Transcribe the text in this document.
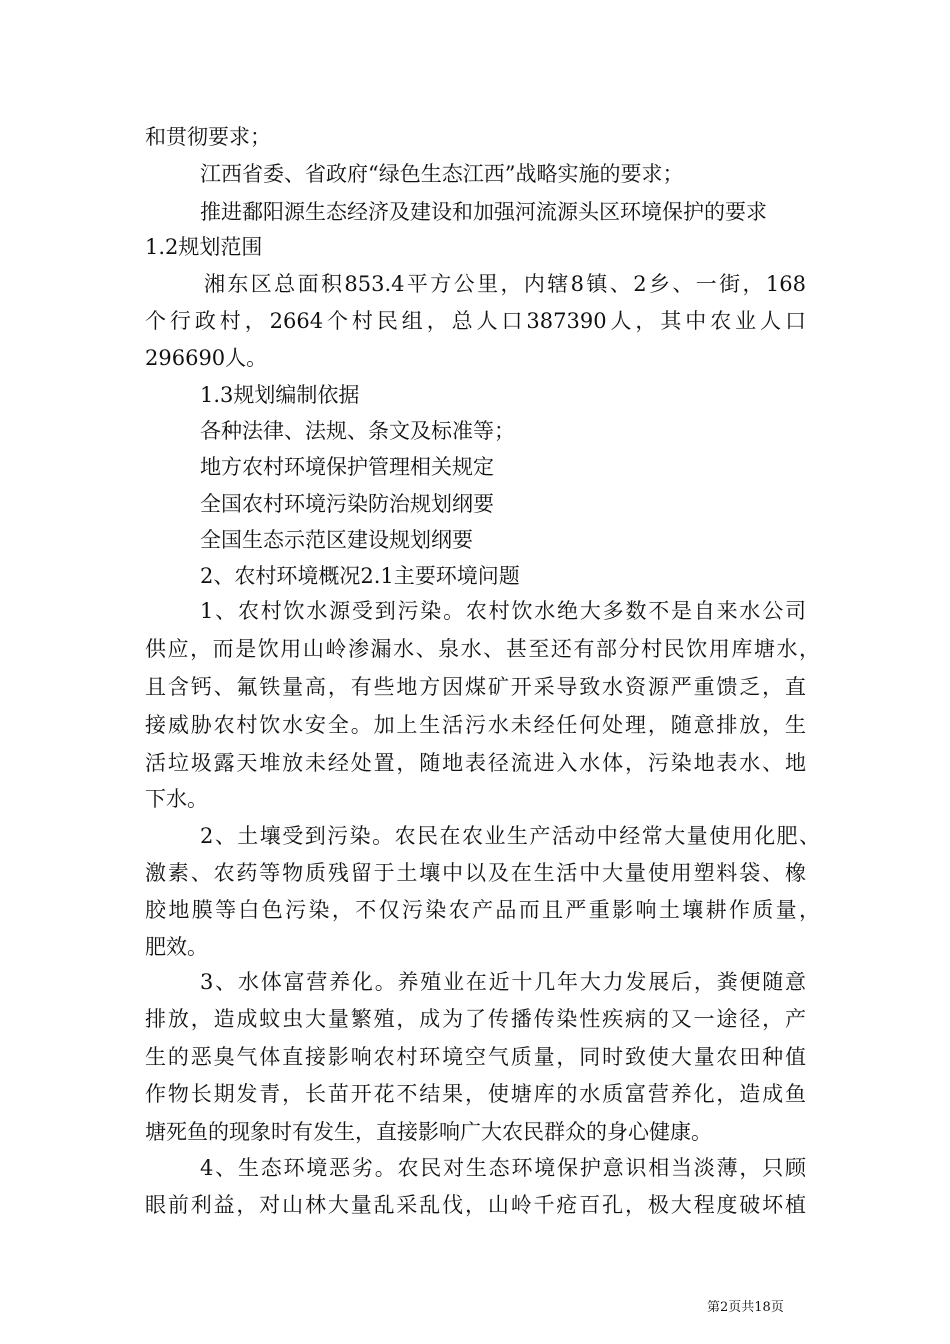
和贯彻要求；
江西省委、省政府“绿色生态江西”战略实施的要求；
推进鄱阳源生态经济及建设和加强河流源头区环境保护的要求
1.2规划范围
湘东区总面积853.4平方公里，内辖8镇、2乡、一街，168
个行政村，2664个村民组，总人口387390人，其中农业人口
296690人。
1.3规划编制依据
各种法律、法规、条文及标准等；
地方农村环境保护管理相关规定
全国农村环境污染防治规划纲要
全国生态示范区建设规划纲要
2、农村环境概况2.1主要环境问题
1、农村饮水源受到污染。农村饮水绝大多数不是自来水公司
供应，而是饮用山岭渗漏水、泉水、甚至还有部分村民饮用库塘水，
且含钙、氟铁量高，有些地方因煤矿开采导致水资源严重馈乏，直
接威胁农村饮水安全。加上生活污水未经任何处理，随意排放，生
活垃圾露天堆放未经处置，随地表径流进入水体，污染地表水、地
下水。
2、土壤受到污染。农民在农业生产活动中经常大量使用化肥、
激素、农药等物质残留于土壤中以及在生活中大量使用塑料袋、橡
胶地膜等白色污染，不仅污染农产品而且严重影响土壤耕作质量，
肥效。
3、水体富营养化。养殖业在近十几年大力发展后，粪便随意
排放，造成蚊虫大量繁殖，成为了传播传染性疾病的又一途径，产
生的恶臭气体直接影响农村环境空气质量，同时致使大量农田种值
作物长期发青，长苗开花不结果，使塘库的水质富营养化，造成鱼
塘死鱼的现象时有发生，直接影响广大农民群众的身心健康。
4、生态环境恶劣。农民对生态环境保护意识相当淡薄，只顾
眼前利益，对山林大量乱采乱伐，山岭千疮百孔，极大程度破坏植
第2页共18页
